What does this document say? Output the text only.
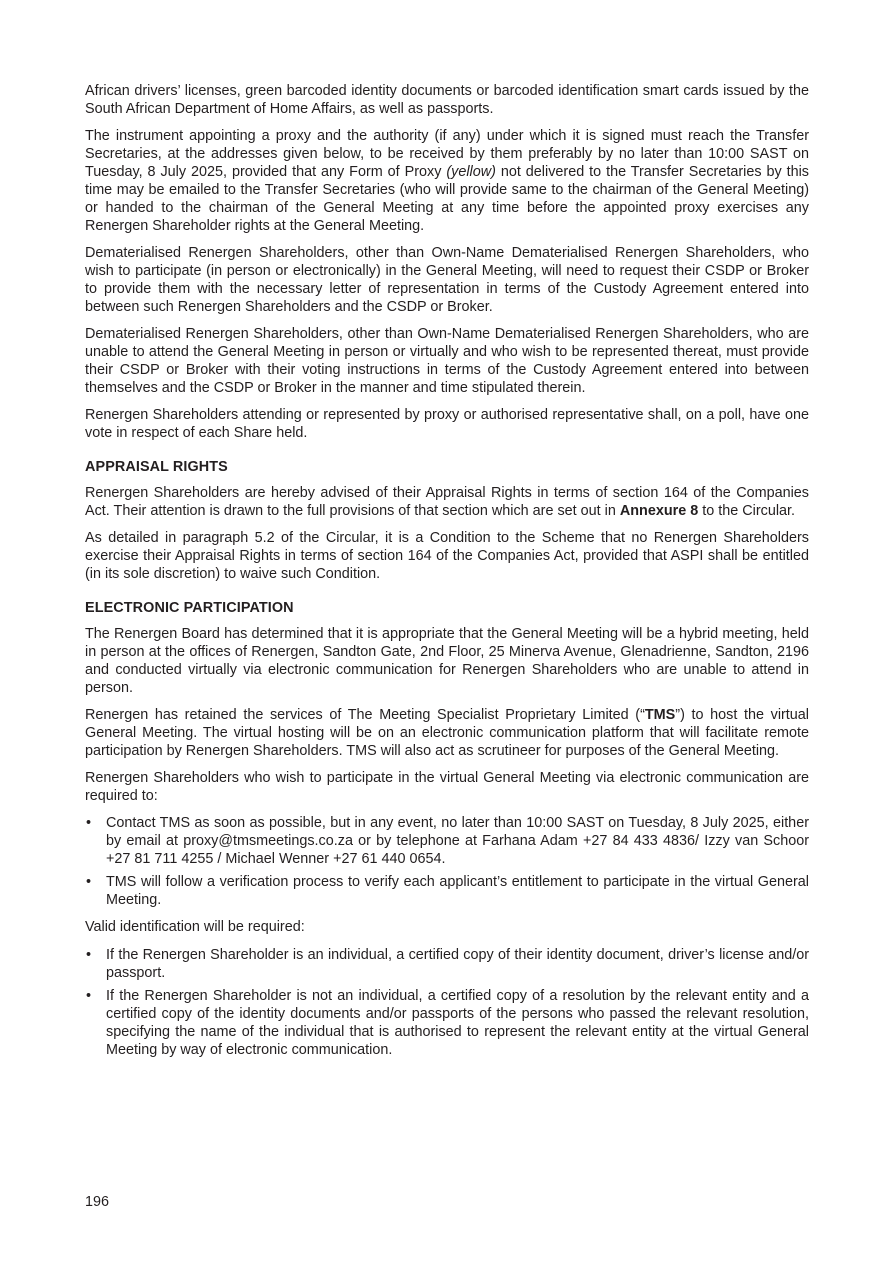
African drivers’ licenses, green barcoded identity documents or barcoded identification smart cards issued by the South African Department of Home Affairs, as well as passports.

The instrument appointing a proxy and the authority (if any) under which it is signed must reach the Transfer Secretaries, at the addresses given below, to be received by them preferably by no later than 10:00 SAST on Tuesday, 8 July 2025, provided that any Form of Proxy (yellow) not delivered to the Transfer Secretaries by this time may be emailed to the Transfer Secretaries (who will provide same to the chairman of the General Meeting) or handed to the chairman of the General Meeting at any time before the appointed proxy exercises any Renergen Shareholder rights at the General Meeting.

Dematerialised Renergen Shareholders, other than Own-Name Dematerialised Renergen Shareholders, who wish to participate (in person or electronically) in the General Meeting, will need to request their CSDP or Broker to provide them with the necessary letter of representation in terms of the Custody Agreement entered into between such Renergen Shareholders and the CSDP or Broker.

Dematerialised Renergen Shareholders, other than Own-Name Dematerialised Renergen Shareholders, who are unable to attend the General Meeting in person or virtually and who wish to be represented thereat, must provide their CSDP or Broker with their voting instructions in terms of the Custody Agreement entered into between themselves and the CSDP or Broker in the manner and time stipulated therein.

Renergen Shareholders attending or represented by proxy or authorised representative shall, on a poll, have one vote in respect of each Share held.

APPRAISAL RIGHTS

Renergen Shareholders are hereby advised of their Appraisal Rights in terms of section 164 of the Companies Act. Their attention is drawn to the full provisions of that section which are set out in Annexure 8 to the Circular.

As detailed in paragraph 5.2 of the Circular, it is a Condition to the Scheme that no Renergen Shareholders exercise their Appraisal Rights in terms of section 164 of the Companies Act, provided that ASPI shall be entitled (in its sole discretion) to waive such Condition.

ELECTRONIC PARTICIPATION

The Renergen Board has determined that it is appropriate that the General Meeting will be a hybrid meeting, held in person at the offices of Renergen, Sandton Gate, 2nd Floor, 25 Minerva Avenue, Glenadrienne, Sandton, 2196 and conducted virtually via electronic communication for Renergen Shareholders who are unable to attend in person.

Renergen has retained the services of The Meeting Specialist Proprietary Limited (“TMS”) to host the virtual General Meeting. The virtual hosting will be on an electronic communication platform that will facilitate remote participation by Renergen Shareholders. TMS will also act as scrutineer for purposes of the General Meeting.

Renergen Shareholders who wish to participate in the virtual General Meeting via electronic communication are required to:

• Contact TMS as soon as possible, but in any event, no later than 10:00 SAST on Tuesday, 8 July 2025, either by email at proxy@tmsmeetings.co.za or by telephone at Farhana Adam +27 84 433 4836/ Izzy van Schoor +27 81 711 4255 / Michael Wenner +27 61 440 0654.
• TMS will follow a verification process to verify each applicant’s entitlement to participate in the virtual General Meeting.

Valid identification will be required:

• If the Renergen Shareholder is an individual, a certified copy of their identity document, driver’s license and/or passport.
• If the Renergen Shareholder is not an individual, a certified copy of a resolution by the relevant entity and a certified copy of the identity documents and/or passports of the persons who passed the relevant resolution, specifying the name of the individual that is authorised to represent the relevant entity at the virtual General Meeting by way of electronic communication.
196
